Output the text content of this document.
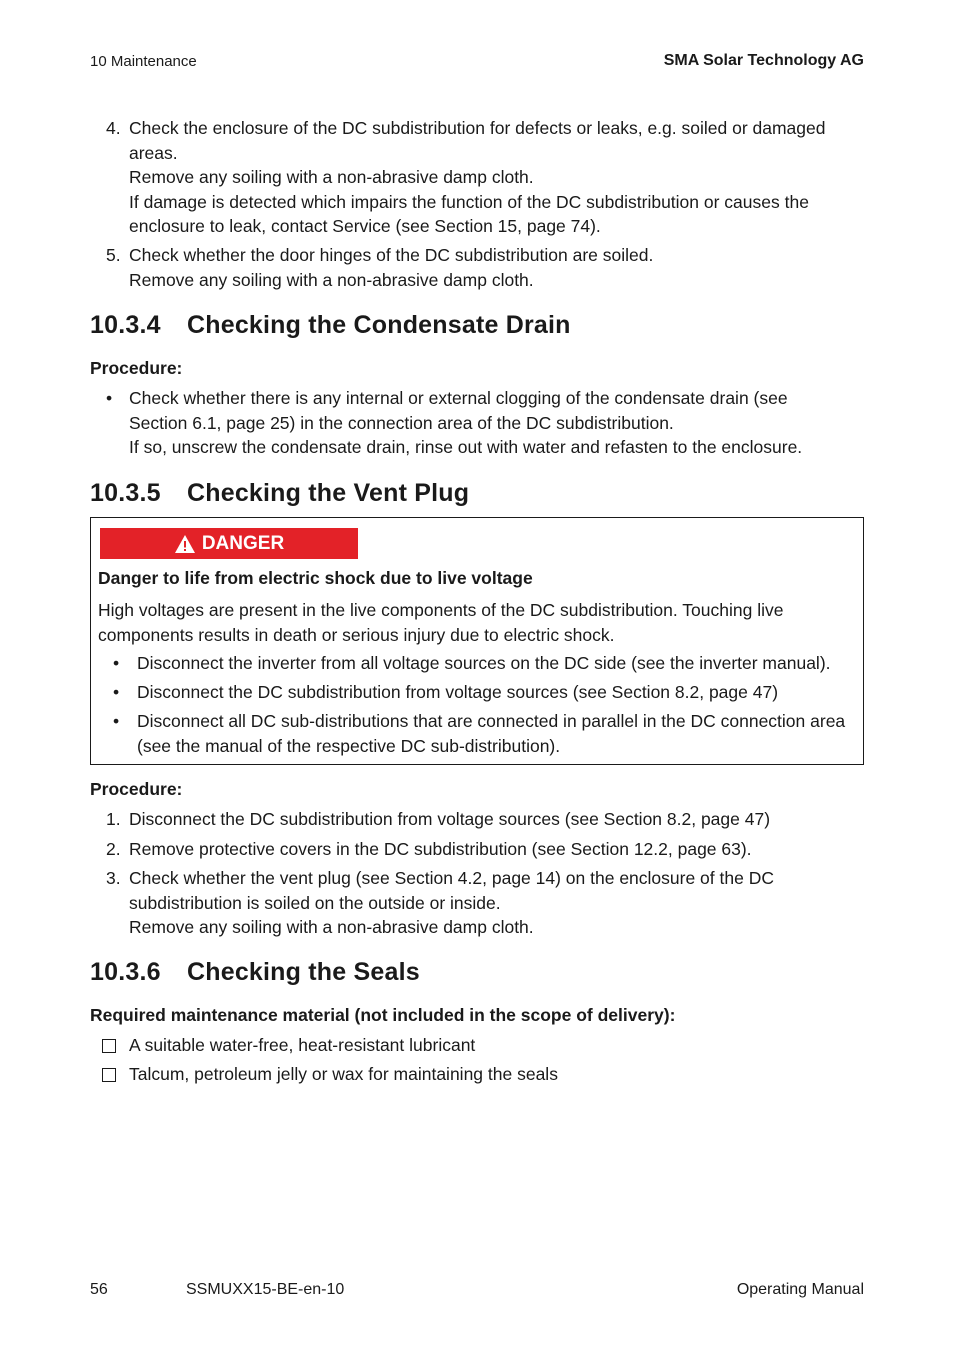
10 Maintenance	SMA Solar Technology AG
4. Check the enclosure of the DC subdistribution for defects or leaks, e.g. soiled or damaged
areas.
Remove any soiling with a non-abrasive damp cloth.
If damage is detected which impairs the function of the DC subdistribution or causes the
enclosure to leak, contact Service (see Section 15, page 74).
5. Check whether the door hinges of the DC subdistribution are soiled.
Remove any soiling with a non-abrasive damp cloth.
10.3.4 Checking the Condensate Drain
Procedure:
• Check whether there is any internal or external clogging of the condensate drain (see
Section 6.1, page 25) in the connection area of the DC subdistribution.
If so, unscrew the condensate drain, rinse out with water and refasten to the enclosure.
10.3.5 Checking the Vent Plug
DANGER
Danger to life from electric shock due to live voltage
High voltages are present in the live components of the DC subdistribution. Touching live
components results in death or serious injury due to electric shock.
• Disconnect the inverter from all voltage sources on the DC side (see the inverter manual).
• Disconnect the DC subdistribution from voltage sources (see Section 8.2, page 47)
• Disconnect all DC sub-distributions that are connected in parallel in the DC connection area
(see the manual of the respective DC sub-distribution).
Procedure:
1. Disconnect the DC subdistribution from voltage sources (see Section 8.2, page 47)
2. Remove protective covers in the DC subdistribution (see Section 12.2, page 63).
3. Check whether the vent plug (see Section 4.2, page 14) on the enclosure of the DC
subdistribution is soiled on the outside or inside.
Remove any soiling with a non-abrasive damp cloth.
10.3.6 Checking the Seals
Required maintenance material (not included in the scope of delivery):
A suitable water-free, heat-resistant lubricant
Talcum, petroleum jelly or wax for maintaining the seals
56	SSMUXX15-BE-en-10	Operating Manual
